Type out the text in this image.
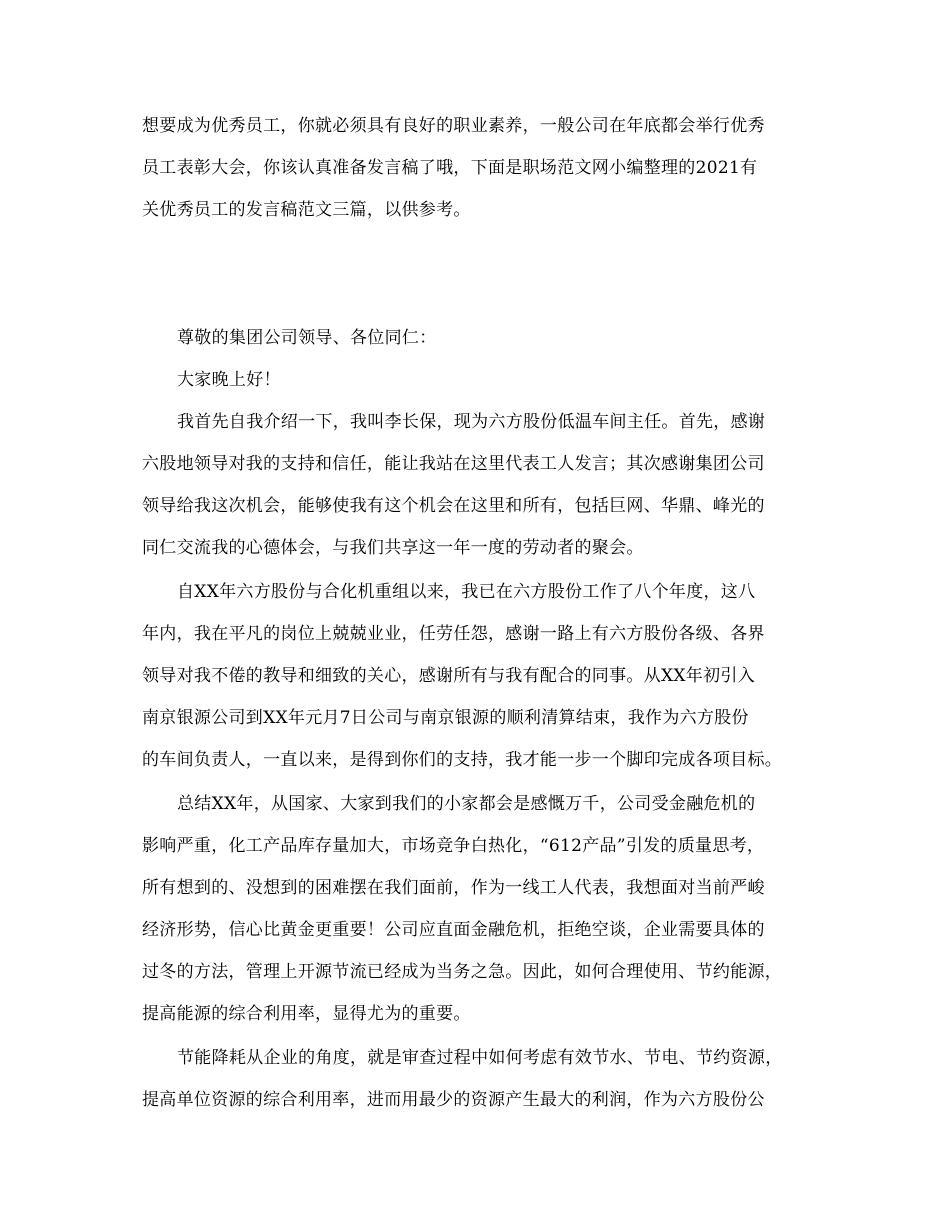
想要成为优秀员工，你就必须具有良好的职业素养，一般公司在年底都会举行优秀
员工表彰大会，你该认真准备发言稿了哦，下面是职场范文网小编整理的2021有
关优秀员工的发言稿范文三篇，以供参考。
尊敬的集团公司领导、各位同仁：
大家晚上好！
我首先自我介绍一下，我叫李长保，现为六方股份低温车间主任。首先，感谢
六股地领导对我的支持和信任，能让我站在这里代表工人发言；其次感谢集团公司
领导给我这次机会，能够使我有这个机会在这里和所有，包括巨网、华鼎、峰光的
同仁交流我的心德体会，与我们共享这一年一度的劳动者的聚会。
自XX年六方股份与合化机重组以来，我已在六方股份工作了八个年度，这八
年内，我在平凡的岗位上兢兢业业，任劳任怨，感谢一路上有六方股份各级、各界
领导对我不倦的教导和细致的关心，感谢所有与我有配合的同事。从XX年初引入
南京银源公司到XX年元月7日公司与南京银源的顺利清算结束，我作为六方股份
的车间负责人，一直以来，是得到你们的支持，我才能一步一个脚印完成各项目标。
总结XX年，从国家、大家到我们的小家都会是感慨万千，公司受金融危机的
影响严重，化工产品库存量加大，市场竞争白热化，“612产品”引发的质量思考，
所有想到的、没想到的困难摆在我们面前，作为一线工人代表，我想面对当前严峻
经济形势，信心比黄金更重要！公司应直面金融危机，拒绝空谈，企业需要具体的
过冬的方法，管理上开源节流已经成为当务之急。因此，如何合理使用、节约能源，
提高能源的综合利用率，显得尤为的重要。
节能降耗从企业的角度，就是审查过程中如何考虑有效节水、节电、节约资源，
提高单位资源的综合利用率，进而用最少的资源产生最大的利润，作为六方股份公
